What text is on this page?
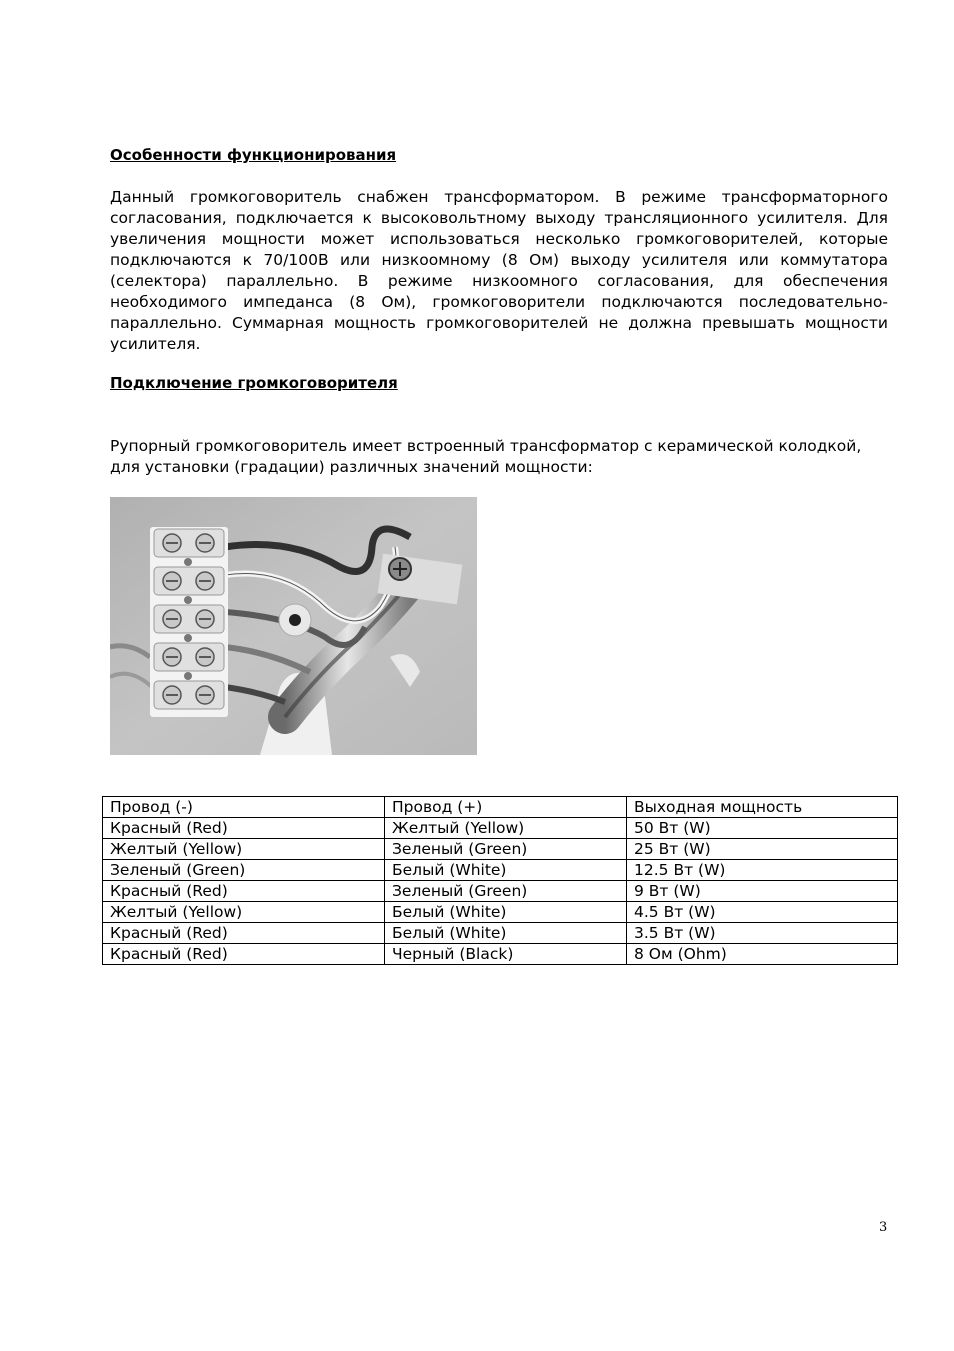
Особенности функционирования

Данный громкоговоритель снабжен трансформатором. В режиме трансформаторного согласования, подключается к высоковольтному выходу трансляционного усилителя. Для увеличения мощности может использоваться несколько громкоговорителей, которые подключаются к 70/100В или низкоомному (8 Ом) выходу усилителя или коммутатора (селектора) параллельно. В режиме низкоомного согласования, для обеспечения необходимого импеданса (8 Ом), громкоговорители подключаются последовательно-параллельно. Суммарная мощность громкоговорителей не должна превышать мощности усилителя.

Подключение громкоговорителя

Рупорный громкоговоритель имеет встроенный трансформатор с керамической колодкой, для установки (градации) различных значений мощности:

Провод (-)	Провод (+)	Выходная мощность
Красный (Red)	Желтый (Yellow)	50 Вт (W)
Желтый (Yellow)	Зеленый (Green)	25 Вт (W)
Зеленый (Green)	Белый (White)	12.5 Вт (W)
Красный (Red)	Зеленый (Green)	9 Вт (W)
Желтый (Yellow)	Белый (White)	4.5 Вт (W)
Красный (Red)	Белый (White)	3.5 Вт (W)
Красный (Red)	Черный (Black)	8 Ом (Ohm)
3
